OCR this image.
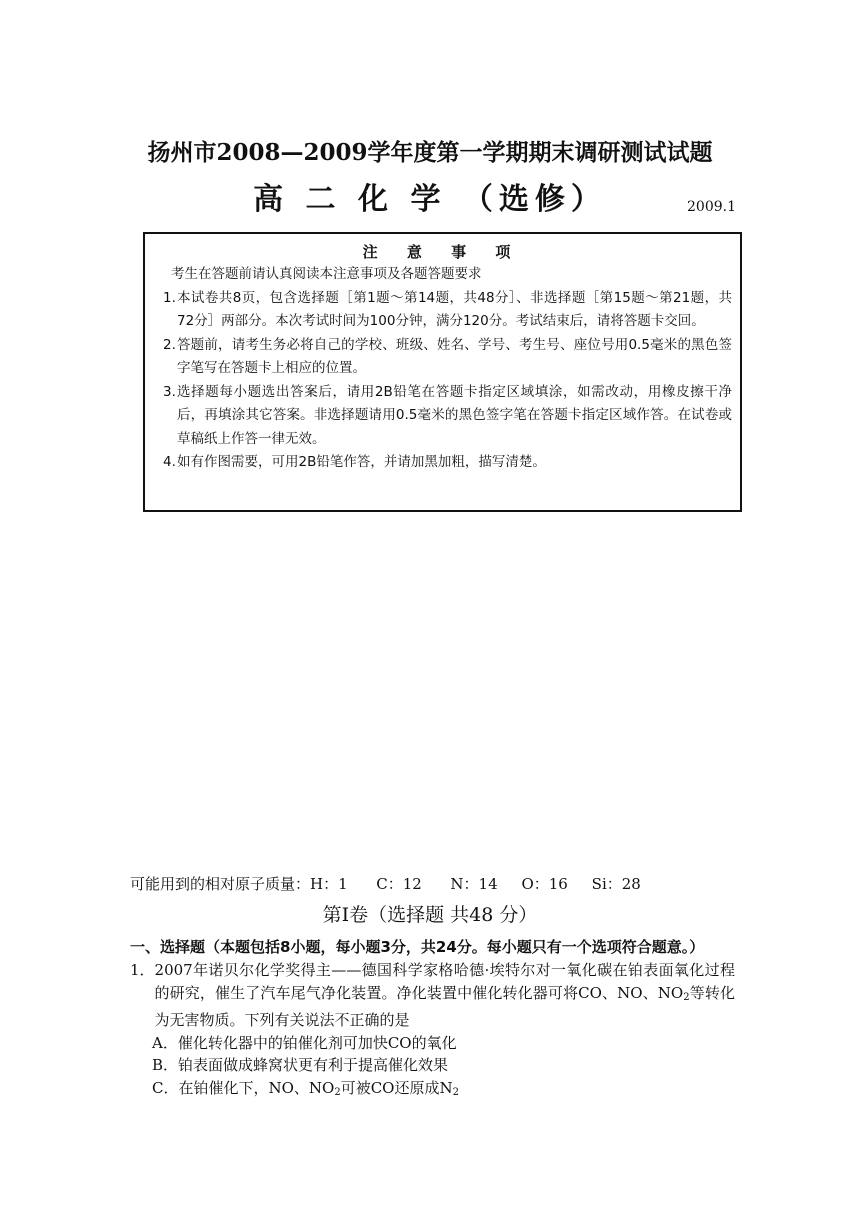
扬州市2008—2009学年度第一学期期末调研测试试题
高 二 化 学 （选修）	2009.1
注 意 事 项
考生在答题前请认真阅读本注意事项及各题答题要求
1. 本试卷共8页，包含选择题［第1题～第14题，共48分］、非选择题［第15题～第21题，共72分］两部分。本次考试时间为100分钟，满分120分。考试结束后，请将答题卡交回。
2. 答题前，请考生务必将自己的学校、班级、姓名、学号、考生号、座位号用0.5毫米的黑色签字笔写在答题卡上相应的位置。
3. 选择题每小题选出答案后，请用2B铅笔在答题卡指定区域填涂，如需改动，用橡皮擦干净后，再填涂其它答案。非选择题请用0.5毫米的黑色签字笔在答题卡指定区域作答。在试卷或草稿纸上作答一律无效。
4. 如有作图需要，可用2B铅笔作答，并请加黑加粗，描写清楚。
可能用到的相对原子质量：H：1      C：12      N：14     O：16     Si：28
第Ⅰ卷（选择题 共48 分）
一、选择题（本题包括8小题，每小题3分，共24分。每小题只有一个选项符合题意。）
1． 2007年诺贝尔化学奖得主——德国科学家格哈德·埃特尔对一氧化碳在铂表面氧化过程的研究，催生了汽车尾气净化装置。净化装置中催化转化器可将CO、NO、$NO_2$等转化为无害物质。下列有关说法不正确的是
A．催化转化器中的铂催化剂可加快CO的氧化
B．铂表面做成蜂窝状更有利于提高催化效果
C．在铂催化下，NO、$NO_2$可被CO还原成$N_2$
